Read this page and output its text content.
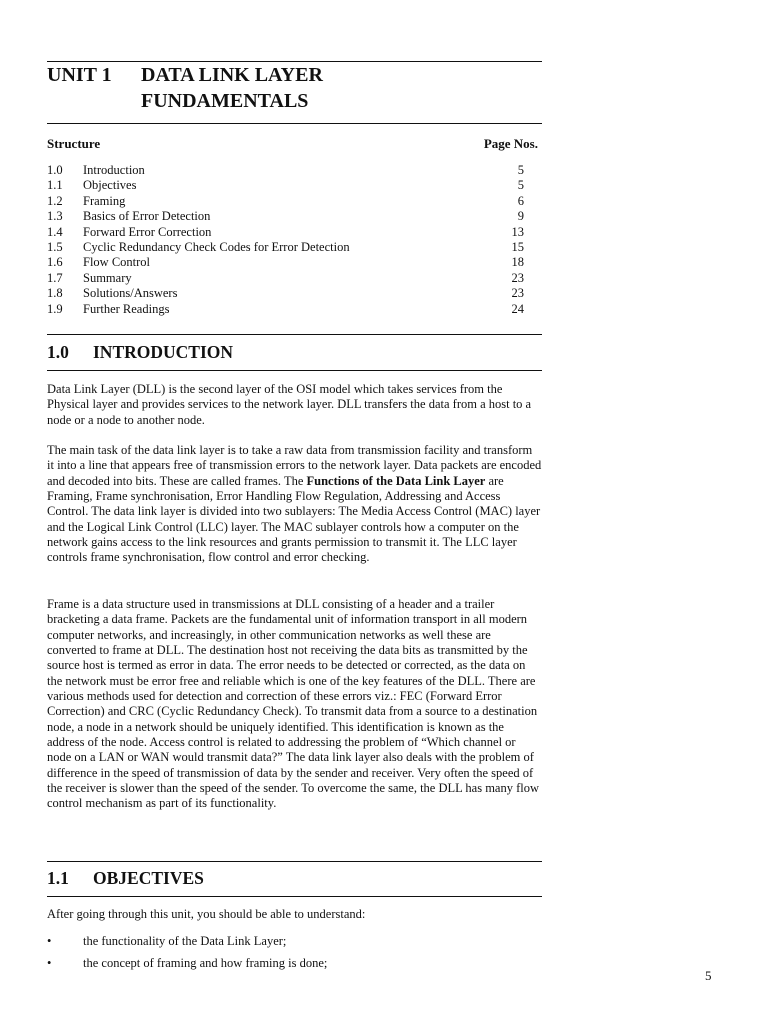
UNIT 1 DATA LINK LAYER
FUNDAMENTALS
Structure	Page Nos.
1.0 Introduction	5
1.1 Objectives	5
1.2 Framing	6
1.3 Basics of Error Detection	9
1.4 Forward Error Correction	13
1.5 Cyclic Redundancy Check Codes for Error Detection	15
1.6 Flow Control	18
1.7 Summary	23
1.8 Solutions/Answers	23
1.9 Further Readings	24
1.0 INTRODUCTION

Data Link Layer (DLL) is the second layer of the OSI model which takes services from the Physical layer and provides services to the network layer. DLL transfers the data from a host to a node or a node to another node.

The main task of the data link layer is to take a raw data from transmission facility and transform it into a line that appears free of transmission errors to the network layer. Data packets are encoded and decoded into bits. These are called frames. The Functions of the Data Link Layer are Framing, Frame synchronisation, Error Handling Flow Regulation, Addressing and Access Control. The data link layer is divided into two sublayers: The Media Access Control (MAC) layer and the Logical Link Control (LLC) layer. The MAC sublayer controls how a computer on the network gains access to the link resources and grants permission to transmit it. The LLC layer controls frame synchronisation, flow control and error checking.

Frame is a data structure used in transmissions at DLL consisting of a header and a trailer bracketing a data frame. Packets are the fundamental unit of information transport in all modern computer networks, and increasingly, in other communication networks as well these are converted to frame at DLL. The destination host not receiving the data bits as transmitted by the source host is termed as error in data. The error needs to be detected or corrected, as the data on the network must be error free and reliable which is one of the key features of the DLL. There are various methods used for detection and correction of these errors viz.: FEC (Forward Error Correction) and CRC (Cyclic Redundancy Check). To transmit data from a source to a destination node, a node in a network should be uniquely identified. This identification is known as the address of the node. Access control is related to addressing the problem of “Which channel or node on a LAN or WAN would transmit data?” The data link layer also deals with the problem of difference in the speed of transmission of data by the sender and receiver. Very often the speed of the receiver is slower than the speed of the sender. To overcome the same, the DLL has many flow control mechanism as part of its functionality.

1.1 OBJECTIVES

After going through this unit, you should be able to understand:

•	the functionality of the Data Link Layer;
•	the concept of framing and how framing is done;
5
